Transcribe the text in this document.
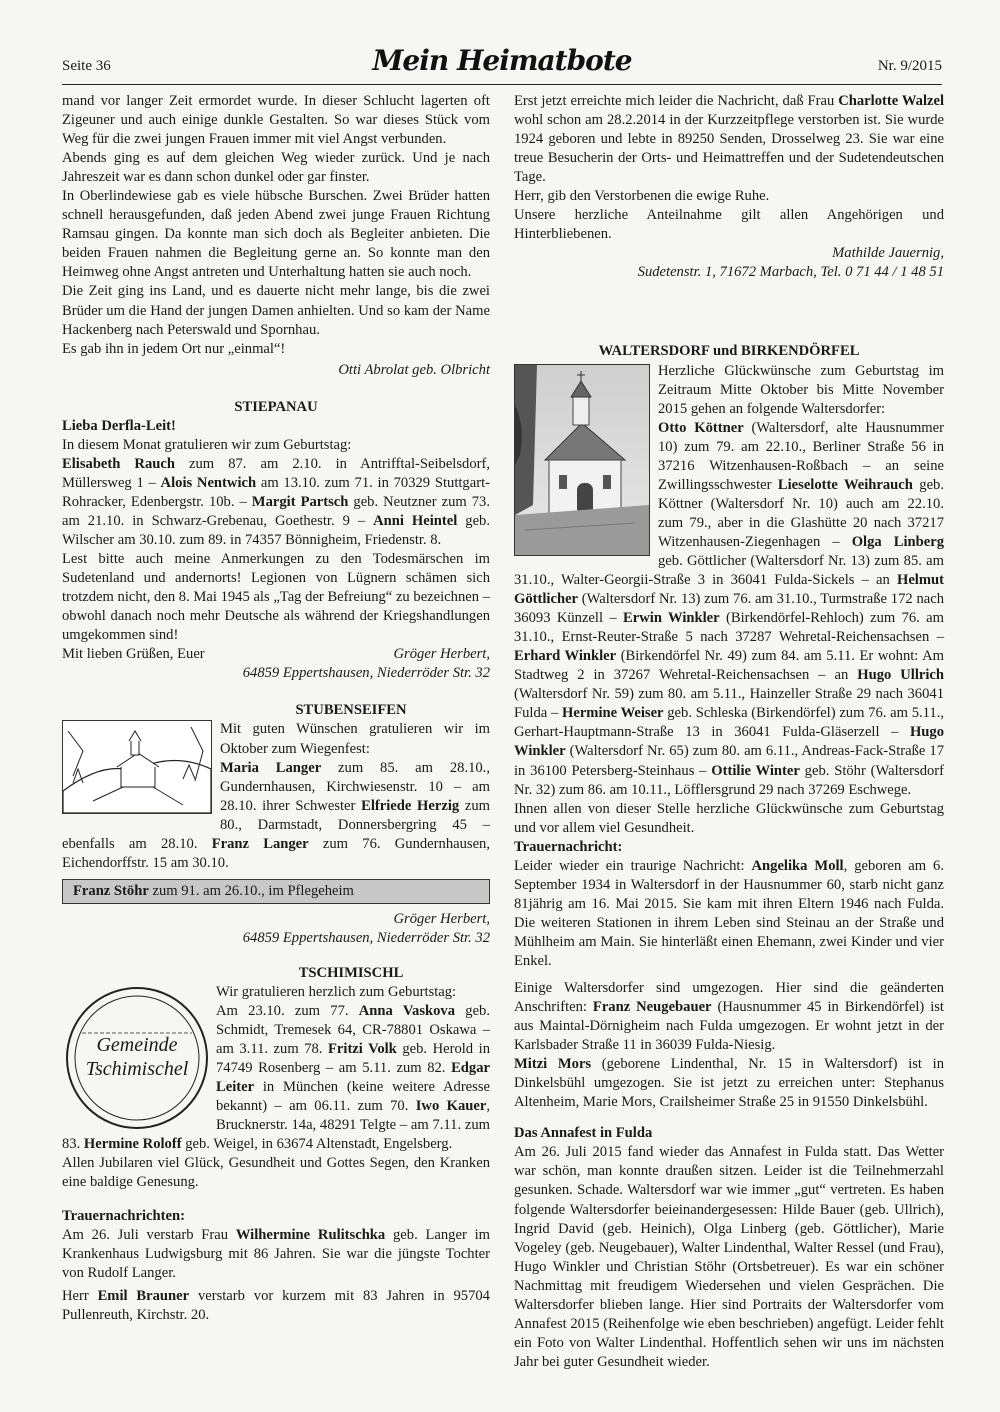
Seite 36	Mein Heimatbote	Nr. 9/2015

mand vor langer Zeit ermordet wurde. In dieser Schlucht lagerten oft Zigeuner und auch einige dunkle Gestalten. So war dieses Stück vom Weg für die zwei jungen Frauen immer mit viel Angst verbunden.

Abends ging es auf dem gleichen Weg wieder zurück. Und je nach Jahreszeit war es dann schon dunkel oder gar finster.

In Oberlindewiese gab es viele hübsche Burschen. Zwei Brüder hatten schnell herausgefunden, daß jeden Abend zwei junge Frauen Richtung Ramsau gingen. Da konnte man sich doch als Begleiter anbieten. Die beiden Frauen nahmen die Begleitung gerne an. So konnte man den Heimweg ohne Angst antreten und Unterhaltung hatten sie auch noch.

Die Zeit ging ins Land, und es dauerte nicht mehr lange, bis die zwei Brüder um die Hand der jungen Damen anhielten. Und so kam der Name Hackenberg nach Peterswald und Spornhau.

Es gab ihn in jedem Ort nur „einmal“!

Otti Abrolat geb. Olbricht

STIEPANAU

Lieba Derfla-Leit!

In diesem Monat gratulieren wir zum Geburtstag:

Elisabeth Rauch zum 87. am 2.10. in Antrifftal-Seibelsdorf, Müllersweg 1 – Alois Nentwich am 13.10. zum 71. in 70329 Stuttgart-Rohracker, Edenbergstr. 10b. – Margit Partsch geb. Neutzner zum 73. am 21.10. in Schwarz-Grebenau, Goethestr. 9 – Anni Heintel geb. Wilscher am 30.10. zum 89. in 74357 Bönnigheim, Friedenstr. 8.

Lest bitte auch meine Anmerkungen zu den Todesmärschen im Sudetenland und andernorts! Legionen von Lügnern schämen sich trotzdem nicht, den 8. Mai 1945 als „Tag der Befreiung“ zu bezeichnen – obwohl danach noch mehr Deutsche als während der Kriegshandlungen umgekommen sind!

Mit lieben Grüßen, Euer	Gröger Herbert,

64859 Eppertshausen, Niederröder Str. 32

STUBENSEIFEN

Mit guten Wünschen gratulieren wir im Oktober zum Wiegenfest:

Maria Langer zum 85. am 28.10., Gundernhausen, Kirchwiesenstr. 10 – am 28.10. ihrer Schwester Elfriede Herzig zum 80., Darmstadt, Donnersbergring 45 – ebenfalls am 28.10. Franz Langer zum 76. Gundernhausen, Eichendorffstr. 15 am 30.10.

Franz Stöhr zum 91. am 26.10., im Pflegeheim

Gröger Herbert,

64859 Eppertshausen, Niederröder Str. 32

TSCHIMISCHL

Gemeinde
Tschimischel

Wir gratulieren herzlich zum Geburtstag:

Am 23.10. zum 77. Anna Vaskova geb. Schmidt, Tremesek 64, CR-78801 Oskawa – am 3.11. zum 78. Fritzi Volk geb. Herold in 74749 Rosenberg – am 5.11. zum 82. Edgar Leiter in München (keine weitere Adresse bekannt) – am 06.11. zum 70. Iwo Kauer, Brucknerstr. 14a, 48291 Telgte – am 7.11. zum 83. Hermine Roloff geb. Weigel, in 63674 Altenstadt, Engelsberg.

Allen Jubilaren viel Glück, Gesundheit und Gottes Segen, den Kranken eine baldige Genesung.

Trauernachrichten:

Am 26. Juli verstarb Frau Wilhermine Rulitschka geb. Langer im Krankenhaus Ludwigsburg mit 86 Jahren. Sie war die jüngste Tochter von Rudolf Langer.

Herr Emil Brauner verstarb vor kurzem mit 83 Jahren in 95704 Pullenreuth, Kirchstr. 20.

Erst jetzt erreichte mich leider die Nachricht, daß Frau Charlotte Walzel wohl schon am 28.2.2014 in der Kurzzeitpflege verstorben ist. Sie wurde 1924 geboren und lebte in 89250 Senden, Drosselweg 23. Sie war eine treue Besucherin der Orts- und Heimattreffen und der Sudetendeutschen Tage.

Herr, gib den Verstorbenen die ewige Ruhe.

Unsere herzliche Anteilnahme gilt allen Angehörigen und Hinterbliebenen.

Mathilde Jauernig,

Sudetenstr. 1, 71672 Marbach, Tel. 0 71 44 / 1 48 51

WALTERSDORF und BIRKENDÖRFEL

Herzliche Glückwünsche zum Geburtstag im Zeitraum Mitte Oktober bis Mitte November 2015 gehen an folgende Waltersdorfer:

Otto Köttner (Waltersdorf, alte Hausnummer 10) zum 79. am 22.10., Berliner Straße 56 in 37216 Witzenhausen-Roßbach – an seine Zwillingsschwester Lieselotte Weihrauch geb. Köttner (Waltersdorf Nr. 10) auch am 22.10. zum 79., aber in die Glashütte 20 nach 37217 Witzenhausen-Ziegenhagen – Olga Linberg geb. Göttlicher (Waltersdorf Nr. 13) zum 85. am 31.10., Walter-Georgii-Straße 3 in 36041 Fulda-Sickels – an Helmut Göttlicher (Waltersdorf Nr. 13) zum 76. am 31.10., Turmstraße 172 nach 36093 Künzell – Erwin Winkler (Birkendörfel-Rehloch) zum 76. am 31.10., Ernst-Reuter-Straße 5 nach 37287 Wehretal-Reichensachsen – Erhard Winkler (Birkendörfel Nr. 49) zum 84. am 5.11. Er wohnt: Am Stadtweg 2 in 37267 Wehretal-Reichensachsen – an Hugo Ullrich (Waltersdorf Nr. 59) zum 80. am 5.11., Hainzeller Straße 29 nach 36041 Fulda – Hermine Weiser geb. Schleska (Birkendörfel) zum 76. am 5.11., Gerhart-Hauptmann-Straße 13 in 36041 Fulda-Gläserzell – Hugo Winkler (Waltersdorf Nr. 65) zum 80. am 6.11., Andreas-Fack-Straße 17 in 36100 Petersberg-Steinhaus – Ottilie Winter geb. Stöhr (Waltersdorf Nr. 32) zum 86. am 10.11., Löfflersgrund 29 nach 37269 Eschwege.

Ihnen allen von dieser Stelle herzliche Glückwünsche zum Geburtstag und vor allem viel Gesundheit.

Trauernachricht:

Leider wieder ein traurige Nachricht: Angelika Moll, geboren am 6. September 1934 in Waltersdorf in der Hausnummer 60, starb nicht ganz 81jährig am 16. Mai 2015. Sie kam mit ihren Eltern 1946 nach Fulda. Die weiteren Stationen in ihrem Leben sind Steinau an der Straße und Mühlheim am Main. Sie hinterläßt einen Ehemann, zwei Kinder und vier Enkel.

Einige Waltersdorfer sind umgezogen. Hier sind die geänderten Anschriften: Franz Neugebauer (Hausnummer 45 in Birkendörfel) ist aus Maintal-Dörnigheim nach Fulda umgezogen. Er wohnt jetzt in der Karlsbader Straße 11 in 36039 Fulda-Niesig.

Mitzi Mors (geborene Lindenthal, Nr. 15 in Waltersdorf) ist in Dinkelsbühl umgezogen. Sie ist jetzt zu erreichen unter: Stephanus Altenheim, Marie Mors, Crailsheimer Straße 25 in 91550 Dinkelsbühl.

Das Annafest in Fulda

Am 26. Juli 2015 fand wieder das Annafest in Fulda statt. Das Wetter war schön, man konnte draußen sitzen. Leider ist die Teilnehmerzahl gesunken. Schade. Waltersdorf war wie immer „gut“ vertreten. Es haben folgende Waltersdorfer beieinandergesessen: Hilde Bauer (geb. Ullrich), Ingrid David (geb. Heinich), Olga Linberg (geb. Göttlicher), Marie Vogeley (geb. Neugebauer), Walter Lindenthal, Walter Ressel (und Frau), Hugo Winkler und Christian Stöhr (Ortsbetreuer). Es war ein schöner Nachmittag mit freudigem Wiedersehen und vielen Gesprächen. Die Waltersdorfer blieben lange. Hier sind Portraits der Waltersdorfer vom Annafest 2015 (Reihenfolge wie eben beschrieben) angefügt. Leider fehlt ein Foto von Walter Lindenthal. Hoffentlich sehen wir uns im nächsten Jahr bei guter Gesundheit wieder.
